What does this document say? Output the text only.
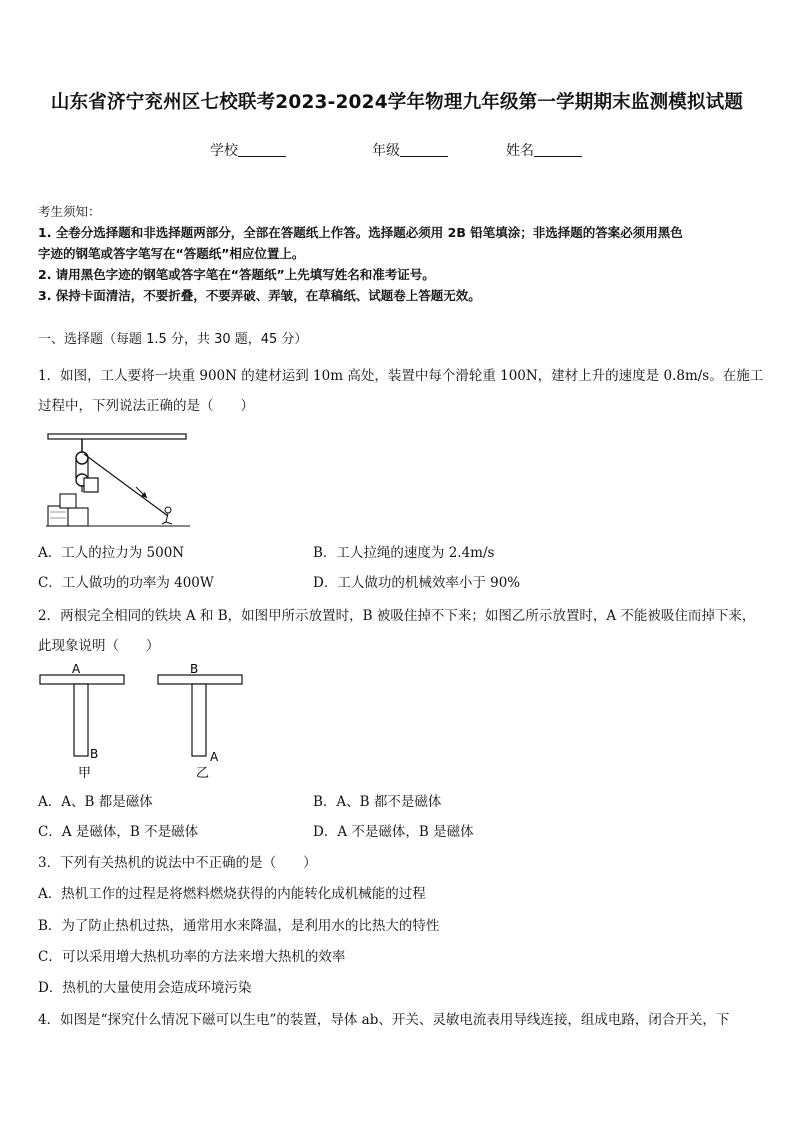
山东省济宁兖州区七校联考2023-2024学年物理九年级第一学期期末监测模拟试题
学校	年级	姓名
考生须知：
1. 全卷分选择题和非选择题两部分，全部在答题纸上作答。选择题必须用 2B 铅笔填涂；非选择题的答案必须用黑色
字迹的钢笔或答字笔写在“答题纸”相应位置上。
2. 请用黑色字迹的钢笔或答字笔在“答题纸”上先填写姓名和准考证号。
3. 保持卡面清洁，不要折叠，不要弄破、弄皱，在草稿纸、试题卷上答题无效。
一、选择题（每题 1.5 分，共 30 题，45 分）
1．如图，工人要将一块重 900N 的建材运到 10m 高处，装置中每个滑轮重 100N，建材上升的速度是 0.8m/s。在施工
过程中，下列说法正确的是（　　）
A．工人的拉力为 500N	B．工人拉绳的速度为 2.4m/s
C．工人做功的功率为 400W	D．工人做功的机械效率小于 90%
2．两根完全相同的铁块 A 和 B，如图甲所示放置时，B 被吸住掉不下来；如图乙所示放置时，A 不能被吸住而掉下来，
此现象说明（　　）
A
B
甲
B
A
乙
A．A、B 都是磁体	B．A、B 都不是磁体
C．A 是磁体，B 不是磁体	D．A 不是磁体，B 是磁体
3．下列有关热机的说法中不正确的是（　　）
A．热机工作的过程是将燃料燃烧获得的内能转化成机械能的过程
B．为了防止热机过热，通常用水来降温，是利用水的比热大的特性
C．可以采用增大热机功率的方法来增大热机的效率
D．热机的大量使用会造成环境污染
4．如图是“探究什么情况下磁可以生电”的装置，导体 ab、开关、灵敏电流表用导线连接，组成电路，闭合开关，下
